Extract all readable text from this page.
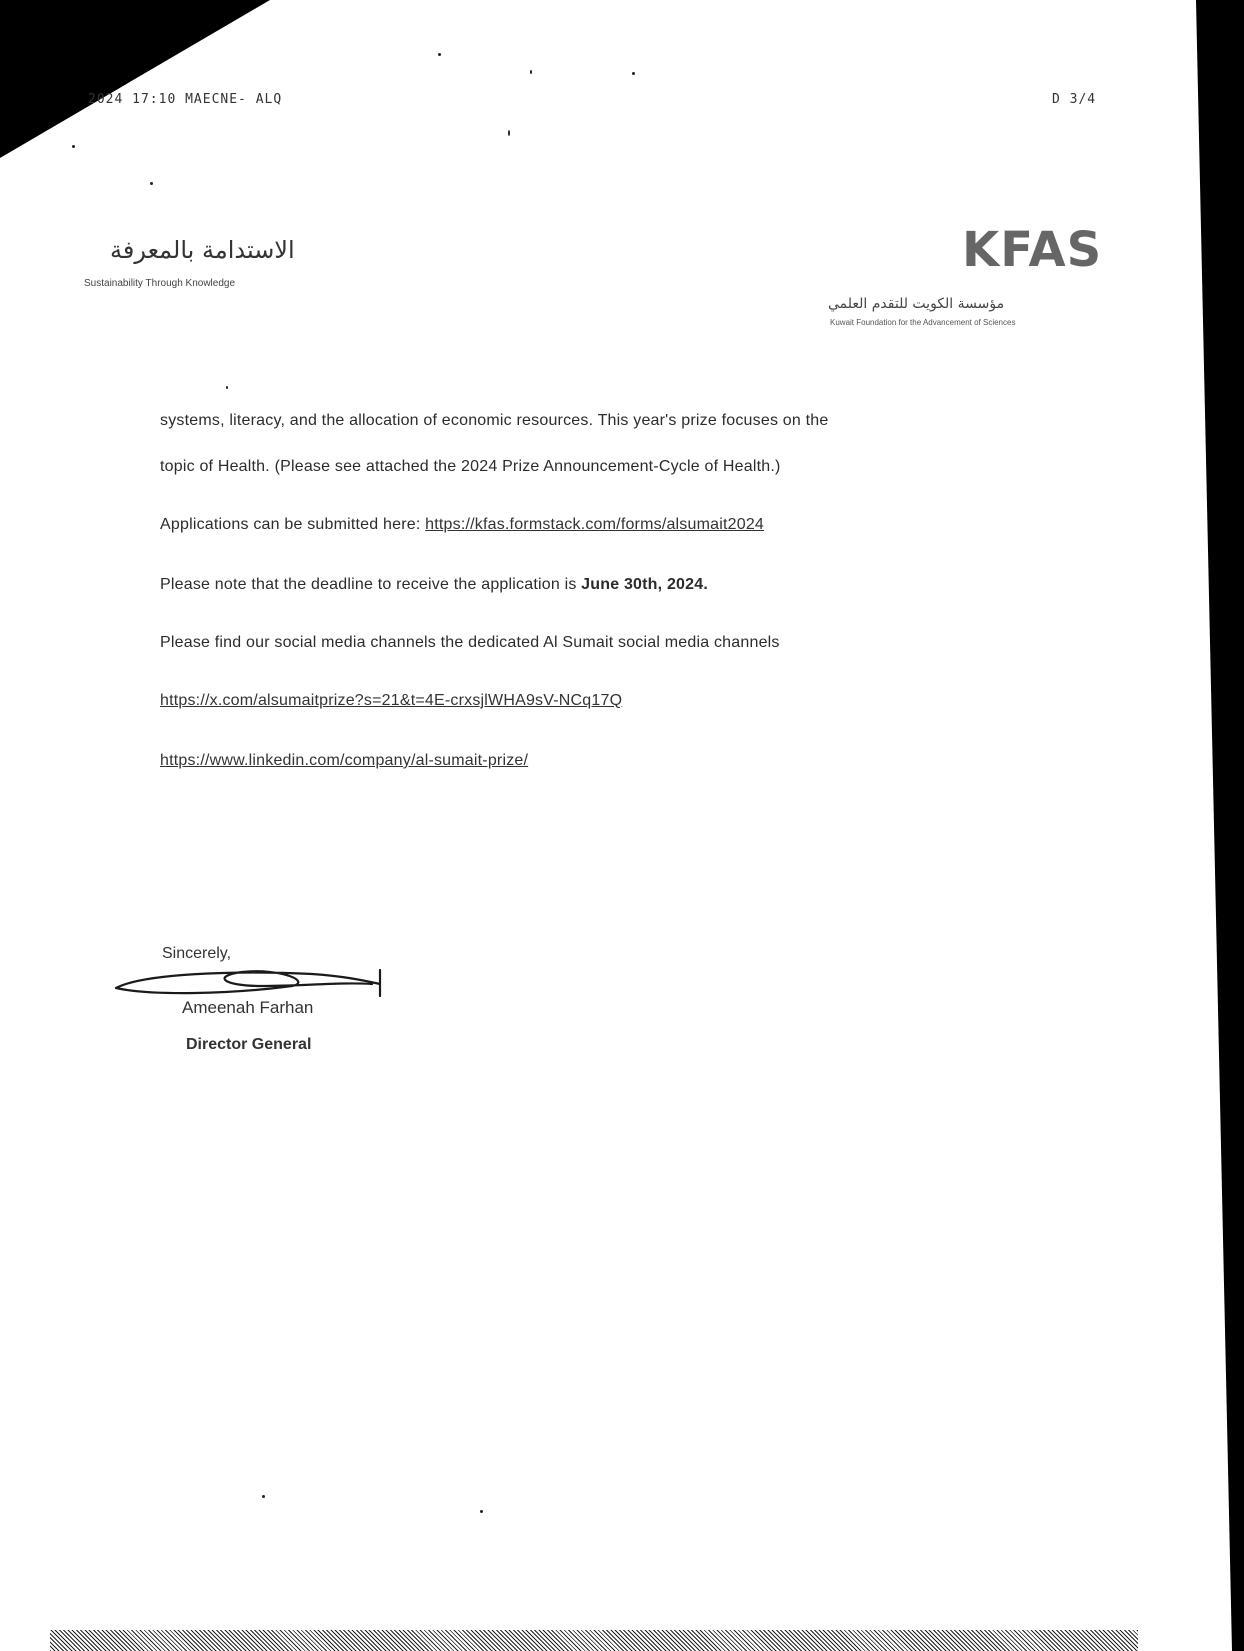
2024 17:10 MAECNE- ALQ	D 3/4
الاستدامة بالمعرفة
Sustainability Through Knowledge
KFAS
مؤسسة الكويت للتقدم العلمي
Kuwait Foundation for the Advancement of Sciences
systems, literacy, and the allocation of economic resources. This year's prize focuses on the
topic of Health. (Please see attached the 2024 Prize Announcement-Cycle of Health.)
Applications can be submitted here: https://kfas.formstack.com/forms/alsumait2024
Please note that the deadline to receive the application is June 30th, 2024.
Please find our social media channels the dedicated Al Sumait social media channels
https://x.com/alsumaitprize?s=21&t=4E-crxsjlWHA9sV-NCq17Q
https://www.linkedin.com/company/al-sumait-prize/
Sincerely,
Ameenah Farhan
Director General
